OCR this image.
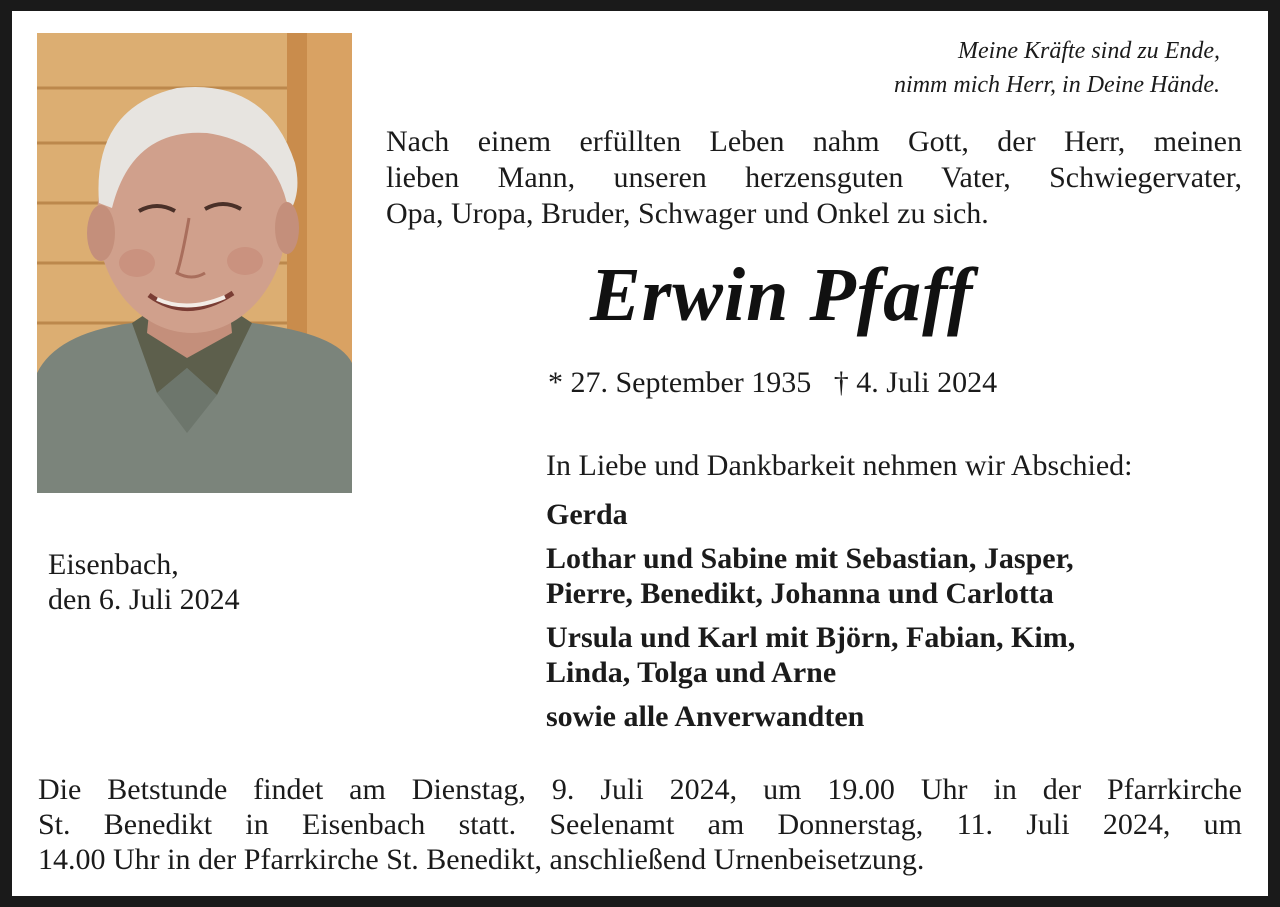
Meine Kräfte sind zu Ende,
nimm mich Herr, in Deine Hände.
Nach einem erfüllten Leben nahm Gott, der Herr, meinen
lieben Mann, unseren herzensguten Vater, Schwiegervater,
Opa, Uropa, Bruder, Schwager und Onkel zu sich.
Erwin Pfaff
* 27. September 1935 † 4. Juli 2024
In Liebe und Dankbarkeit nehmen wir Abschied:
Gerda
Lothar und Sabine mit Sebastian, Jasper,
Pierre, Benedikt, Johanna und Carlotta
Ursula und Karl mit Björn, Fabian, Kim,
Linda, Tolga und Arne
sowie alle Anverwandten
Eisenbach,
den 6. Juli 2024
Die Betstunde findet am Dienstag, 9. Juli 2024, um 19.00 Uhr in der Pfarrkirche
St. Benedikt in Eisenbach statt. Seelenamt am Donnerstag, 11. Juli 2024, um
14.00 Uhr in der Pfarrkirche St. Benedikt, anschließend Urnenbeisetzung.
